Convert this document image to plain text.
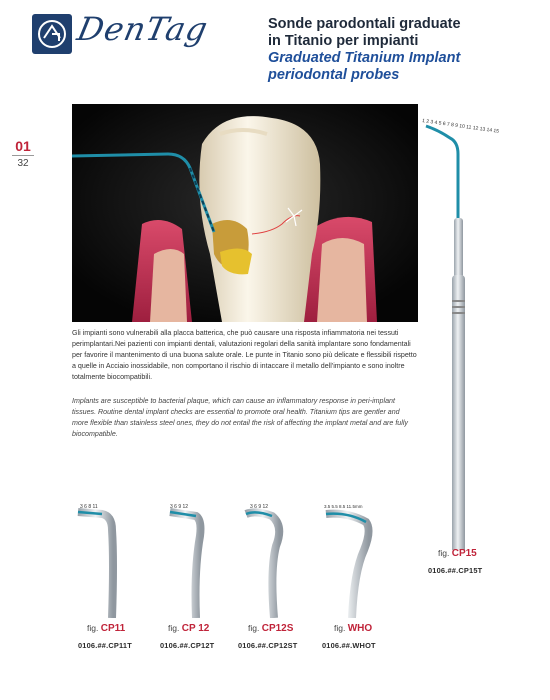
DenTag	Sonde parodontali graduate
in Titanio per impianti
Graduated Titanium Implant
periodontal probes
01
32
Gli impianti sono vulnerabili alla placca batterica, che può causare una risposta infiammatoria nei tessuti perimplantari.Nei pazienti con impianti dentali, valutazioni regolari della sanità implantare sono fondamentali per favorire il mantenimento di una buona salute orale. Le punte in Titanio sono più delicate e flessibili rispetto a quelle in Acciaio inossidabile, non comportano il rischio di intaccare il metallo dell'impianto e sono inoltre totalmente biocompatibili.
Implants are susceptible to bacterial plaque, which can cause an inflammatory response in peri-implant tissues. Routine dental implant checks are essential to promote oral health. Titanium tips are gentler and more flexible than stainless steel ones, they do not entail the risk of affecting the implant metal and are fully biocompatible.
1 2 3 4 5 6 7 8 9 10 11 12 13 14 15
fig. CP15
0106.##.CP15T
3 6 8 11	3 6 9 12	3 6 9 12	3.5 5.5 8.5 11.5mm
fig. CP11
0106.##.CP11T
fig. CP 12
0106.##.CP12T
fig. CP12S
0106.##.CP12ST
fig. WHO
0106.##.WHOT
